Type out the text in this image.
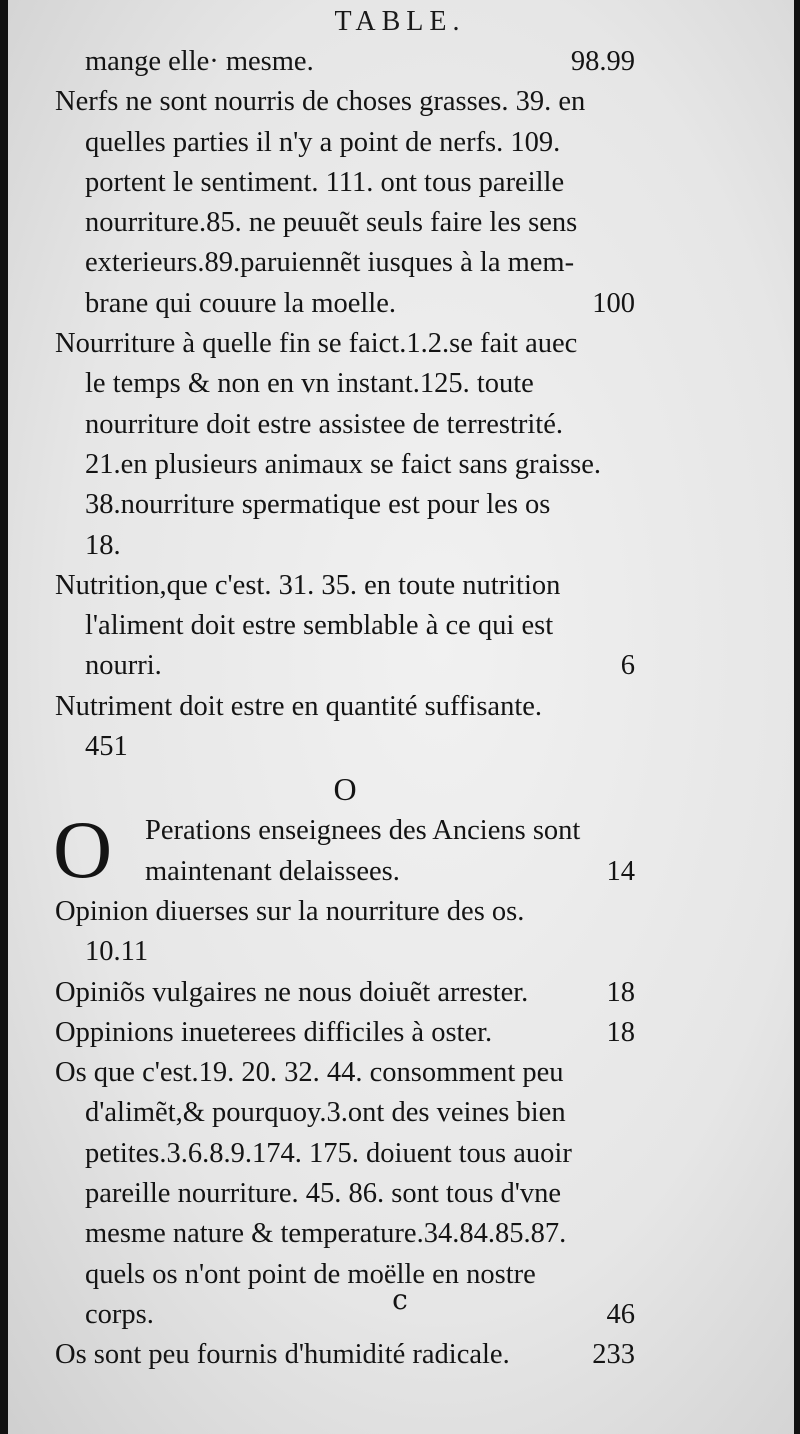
TABLE.
mange elle· mesme.	98.99
Nerfs ne sont nourris de choses grasses. 39. en
quelles parties il n'y a point de nerfs. 109.
portent le sentiment. 111. ont tous pareille
nourriture.85. ne peuuẽt seuls faire les sens
exterieurs.89.paruiennẽt iusques à la mem-
brane qui couure la moelle.	100
Nourriture à quelle fin se faict.1.2.se fait auec
le temps & non en vn instant.125. toute
nourriture doit estre assistee de terrestrité.
21.en plusieurs animaux se faict sans graisse.
38.nourriture spermatique est pour les os
18.
Nutrition,que c'est. 31. 35. en toute nutrition
l'aliment doit estre semblable à ce qui est
nourri.	6
Nutriment doit estre en quantité suffisante.
451
O
O	Perations enseignees des Anciens sont
maintenant delaissees.	14
Opinion diuerses sur la nourriture des os.
10.11
Opiniõs vulgaires ne nous doiuẽt arrester.	18
Oppinions inueterees difficiles à oster.	18
Os que c'est.19. 20. 32. 44. consomment peu
d'alimẽt,& pourquoy.3.ont des veines bien
petites.3.6.8.9.174. 175. doiuent tous auoir
pareille nourriture. 45. 86. sont tous d'vne
mesme nature & temperature.34.84.85.87.
quels os n'ont point de moëlle en nostre
corps.	46
Os sont peu fournis d'humidité radicale.	233
c
